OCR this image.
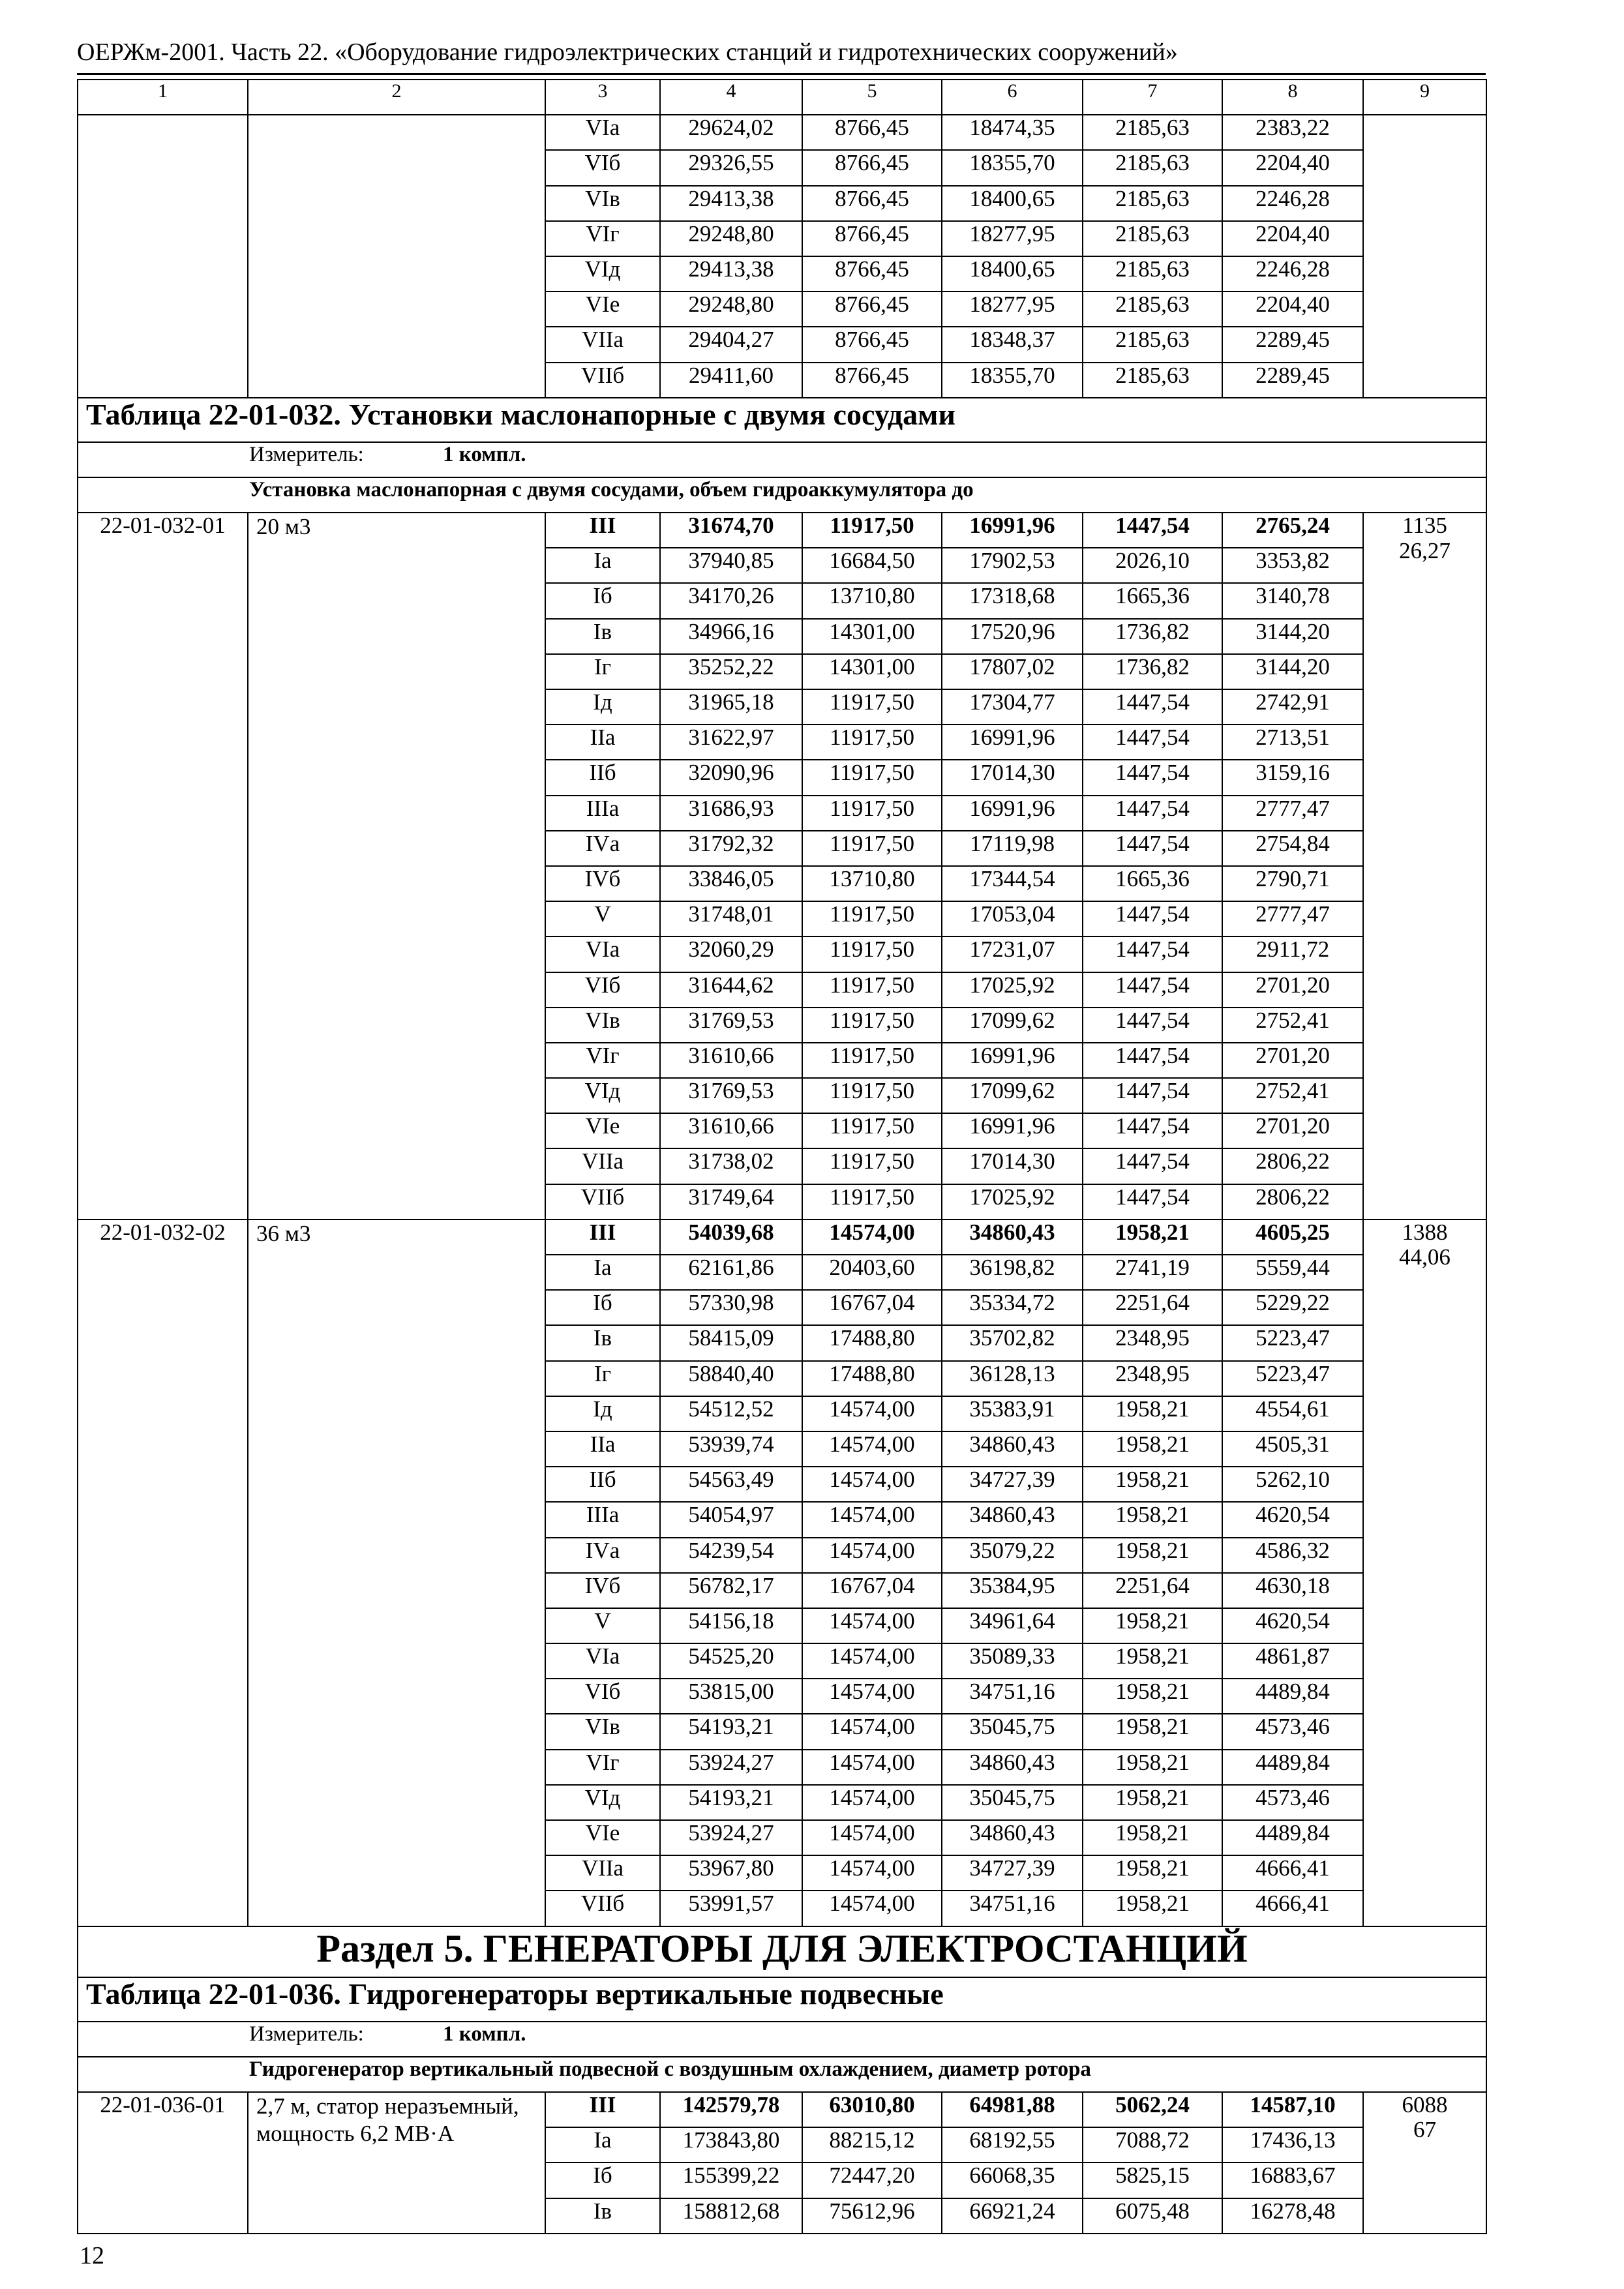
ОЕРЖм-2001. Часть 22. «Оборудование гидроэлектрических станций и гидротехнических сооружений»
1	2	3	4	5	6	7	8	9
		VIа	29624,02	8766,45	18474,35	2185,63	2383,22	
		VIб	29326,55	8766,45	18355,70	2185,63	2204,40	
		VIв	29413,38	8766,45	18400,65	2185,63	2246,28	
		VIг	29248,80	8766,45	18277,95	2185,63	2204,40	
		VIд	29413,38	8766,45	18400,65	2185,63	2246,28	
		VIе	29248,80	8766,45	18277,95	2185,63	2204,40	
		VIIа	29404,27	8766,45	18348,37	2185,63	2289,45	
		VIIб	29411,60	8766,45	18355,70	2185,63	2289,45	
Таблица 22-01-032. Установки маслонапорные с двумя сосудами								
Измеритель: 1 компл.								
Установка маслонапорная с двумя сосудами, объем гидроаккумулятора до								
22-01-032-01	20 м3	III	31674,70	11917,50	16991,96	1447,54	2765,24	1135
26,27

		Iа	37940,85	16684,50	17902,53	2026,10	3353,82	
		Iб	34170,26	13710,80	17318,68	1665,36	3140,78	
		Iв	34966,16	14301,00	17520,96	1736,82	3144,20	
		Iг	35252,22	14301,00	17807,02	1736,82	3144,20	
		Iд	31965,18	11917,50	17304,77	1447,54	2742,91	
		IIа	31622,97	11917,50	16991,96	1447,54	2713,51	
		IIб	32090,96	11917,50	17014,30	1447,54	3159,16	
		IIIа	31686,93	11917,50	16991,96	1447,54	2777,47	
		IVа	31792,32	11917,50	17119,98	1447,54	2754,84	
		IVб	33846,05	13710,80	17344,54	1665,36	2790,71	
		V	31748,01	11917,50	17053,04	1447,54	2777,47	
		VIа	32060,29	11917,50	17231,07	1447,54	2911,72	
		VIб	31644,62	11917,50	17025,92	1447,54	2701,20	
		VIв	31769,53	11917,50	17099,62	1447,54	2752,41	
		VIг	31610,66	11917,50	16991,96	1447,54	2701,20	
		VIд	31769,53	11917,50	17099,62	1447,54	2752,41	
		VIе	31610,66	11917,50	16991,96	1447,54	2701,20	
		VIIа	31738,02	11917,50	17014,30	1447,54	2806,22	
		VIIб	31749,64	11917,50	17025,92	1447,54	2806,22	
22-01-032-02	36 м3	III	54039,68	14574,00	34860,43	1958,21	4605,25	1388
44,06

		Iа	62161,86	20403,60	36198,82	2741,19	5559,44	
		Iб	57330,98	16767,04	35334,72	2251,64	5229,22	
		Iв	58415,09	17488,80	35702,82	2348,95	5223,47	
		Iг	58840,40	17488,80	36128,13	2348,95	5223,47	
		Iд	54512,52	14574,00	35383,91	1958,21	4554,61	
		IIа	53939,74	14574,00	34860,43	1958,21	4505,31	
		IIб	54563,49	14574,00	34727,39	1958,21	5262,10	
		IIIа	54054,97	14574,00	34860,43	1958,21	4620,54	
		IVа	54239,54	14574,00	35079,22	1958,21	4586,32	
		IVб	56782,17	16767,04	35384,95	2251,64	4630,18	
		V	54156,18	14574,00	34961,64	1958,21	4620,54	
		VIа	54525,20	14574,00	35089,33	1958,21	4861,87	
		VIб	53815,00	14574,00	34751,16	1958,21	4489,84	
		VIв	54193,21	14574,00	35045,75	1958,21	4573,46	
		VIг	53924,27	14574,00	34860,43	1958,21	4489,84	
		VIд	54193,21	14574,00	35045,75	1958,21	4573,46	
		VIе	53924,27	14574,00	34860,43	1958,21	4489,84	
		VIIа	53967,80	14574,00	34727,39	1958,21	4666,41	
		VIIб	53991,57	14574,00	34751,16	1958,21	4666,41	
Раздел 5. ГЕНЕРАТОРЫ ДЛЯ ЭЛЕКТРОСТАНЦИЙ								
Таблица 22-01-036. Гидрогенераторы вертикальные подвесные								
Измеритель: 1 компл.								
Гидрогенератор вертикальный подвесной с воздушным охлаждением, диаметр ротора								
22-01-036-01	2,7 м, статор неразъемный, мощность 6,2 МВ·А	III	142579,78	63010,80	64981,88	5062,24	14587,10	6088
67

		Iа	173843,80	88215,12	68192,55	7088,72	17436,13	
		Iб	155399,22	72447,20	66068,35	5825,15	16883,67	
		Iв	158812,68	75612,96	66921,24	6075,48	16278,48	
12
